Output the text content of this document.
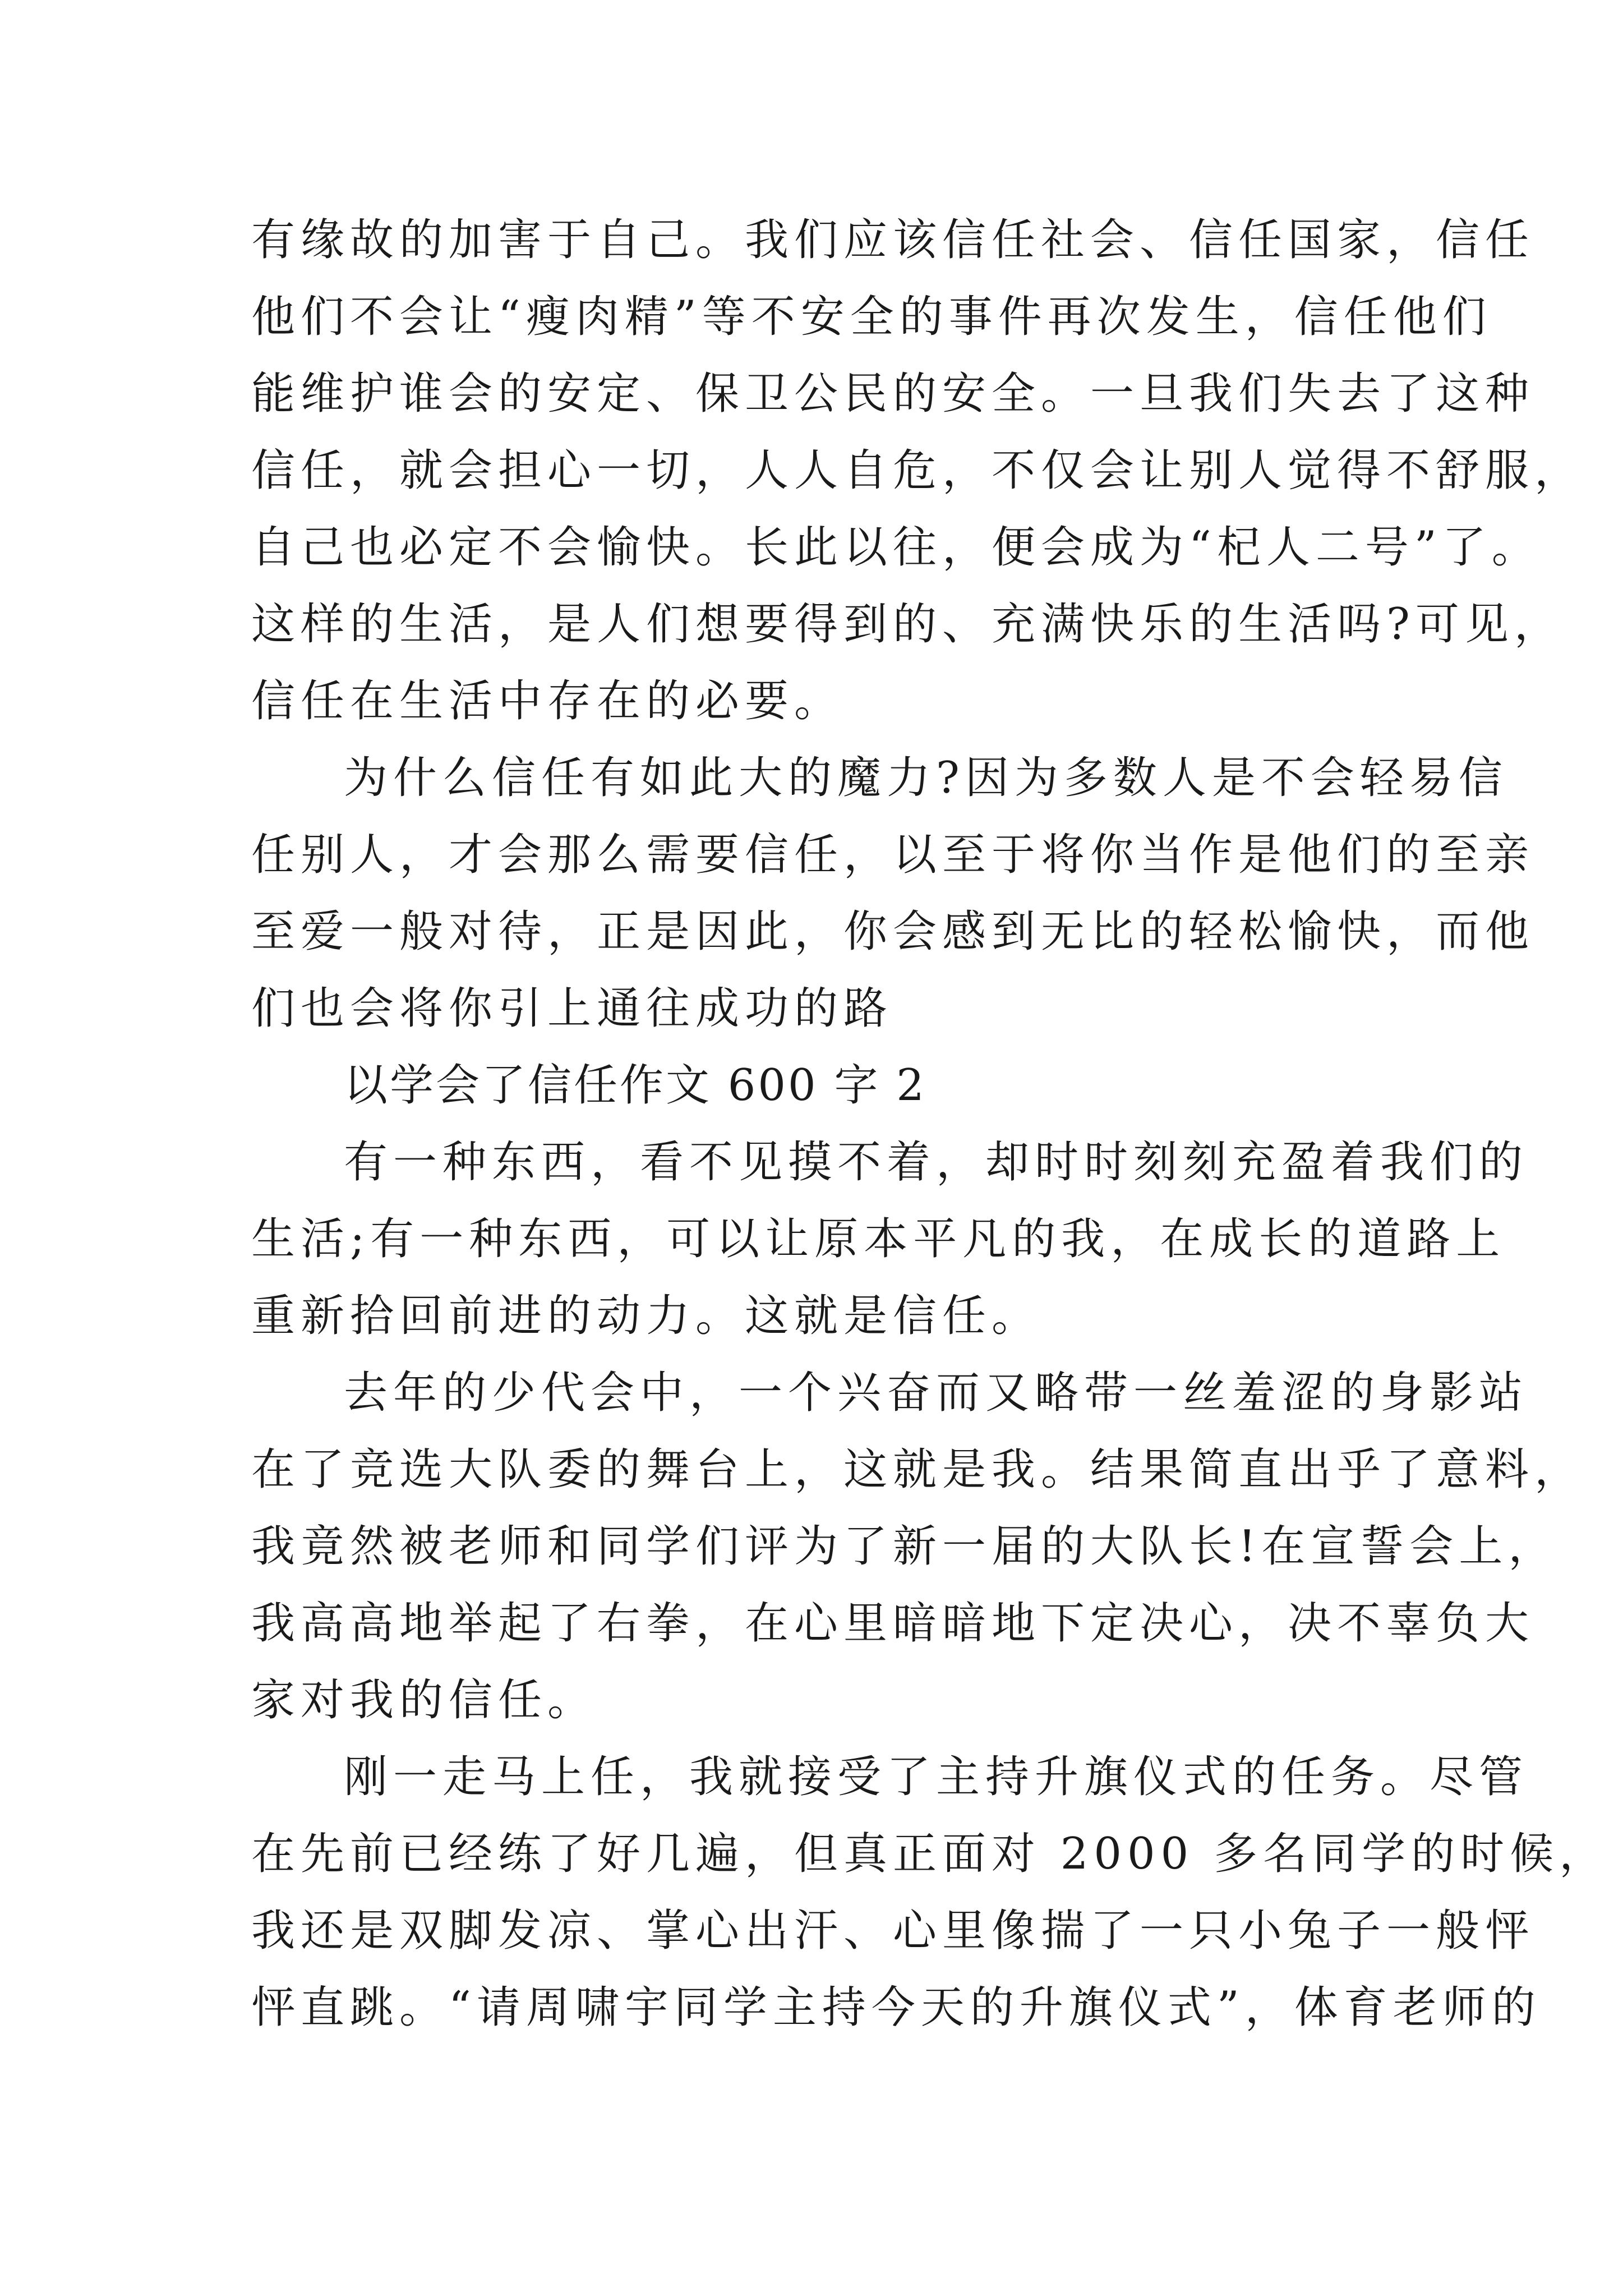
有缘故的加害于自己。我们应该信任社会、信任国家，信任
他们不会让“瘦肉精”等不安全的事件再次发生，信任他们
能维护谁会的安定、保卫公民的安全。一旦我们失去了这种
信任，就会担心一切，人人自危，不仅会让别人觉得不舒服，
自己也必定不会愉快。长此以往，便会成为“杞人二号”了。
这样的生活，是人们想要得到的、充满快乐的生活吗?可见，
信任在生活中存在的必要。
为什么信任有如此大的魔力?因为多数人是不会轻易信
任别人，才会那么需要信任，以至于将你当作是他们的至亲
至爱一般对待，正是因此，你会感到无比的轻松愉快，而他
们也会将你引上通往成功的路
以学会了信任作文 600 字 2
有一种东西，看不见摸不着，却时时刻刻充盈着我们的
生活;有一种东西，可以让原本平凡的我，在成长的道路上
重新拾回前进的动力。这就是信任。
去年的少代会中，一个兴奋而又略带一丝羞涩的身影站
在了竞选大队委的舞台上，这就是我。结果简直出乎了意料，
我竟然被老师和同学们评为了新一届的大队长!在宣誓会上，
我高高地举起了右拳，在心里暗暗地下定决心，决不辜负大
家对我的信任。
刚一走马上任，我就接受了主持升旗仪式的任务。尽管
在先前已经练了好几遍，但真正面对 2000 多名同学的时候，
我还是双脚发凉、掌心出汗、心里像揣了一只小兔子一般怦
怦直跳。“请周啸宇同学主持今天的升旗仪式”，体育老师的
